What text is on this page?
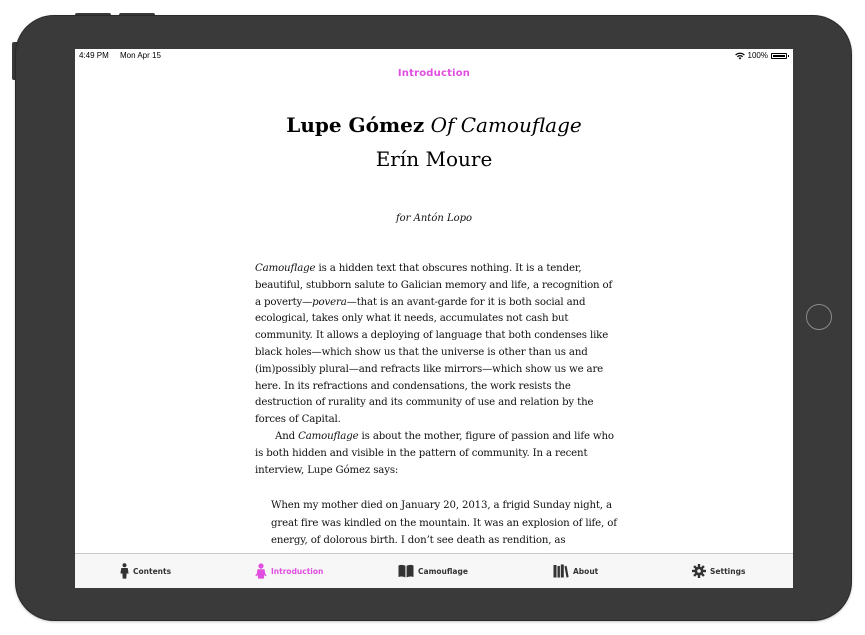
4:49 PM Mon Apr 15	100%
Introduction
Lupe Gómez Of Camouflage
Erín Moure
for Antón Lopo

Camouflage is a hidden text that obscures nothing. It is a tender, beautiful, stubborn salute to Galician memory and life, a recognition of a poverty—povera—that is an avant-garde for it is both social and ecological, takes only what it needs, accumulates not cash but community. It allows a deploying of language that both condenses like black holes—which show us that the universe is other than us and (im)possibly plural—and refracts like mirrors—which show us we are here. In its refractions and condensations, the work resists the destruction of rurality and its community of use and relation by the forces of Capital.

And Camouflage is about the mother, figure of passion and life who is both hidden and visible in the pattern of community. In a recent interview, Lupe Gómez says:

When my mother died on January 20, 2013, a frigid Sunday night, a great fire was kindled on the mountain. It was an explosion of life, of energy, of dolorous birth. I don’t see death as rendition, as
Contents	Introduction	Camouflage	About	Settings
